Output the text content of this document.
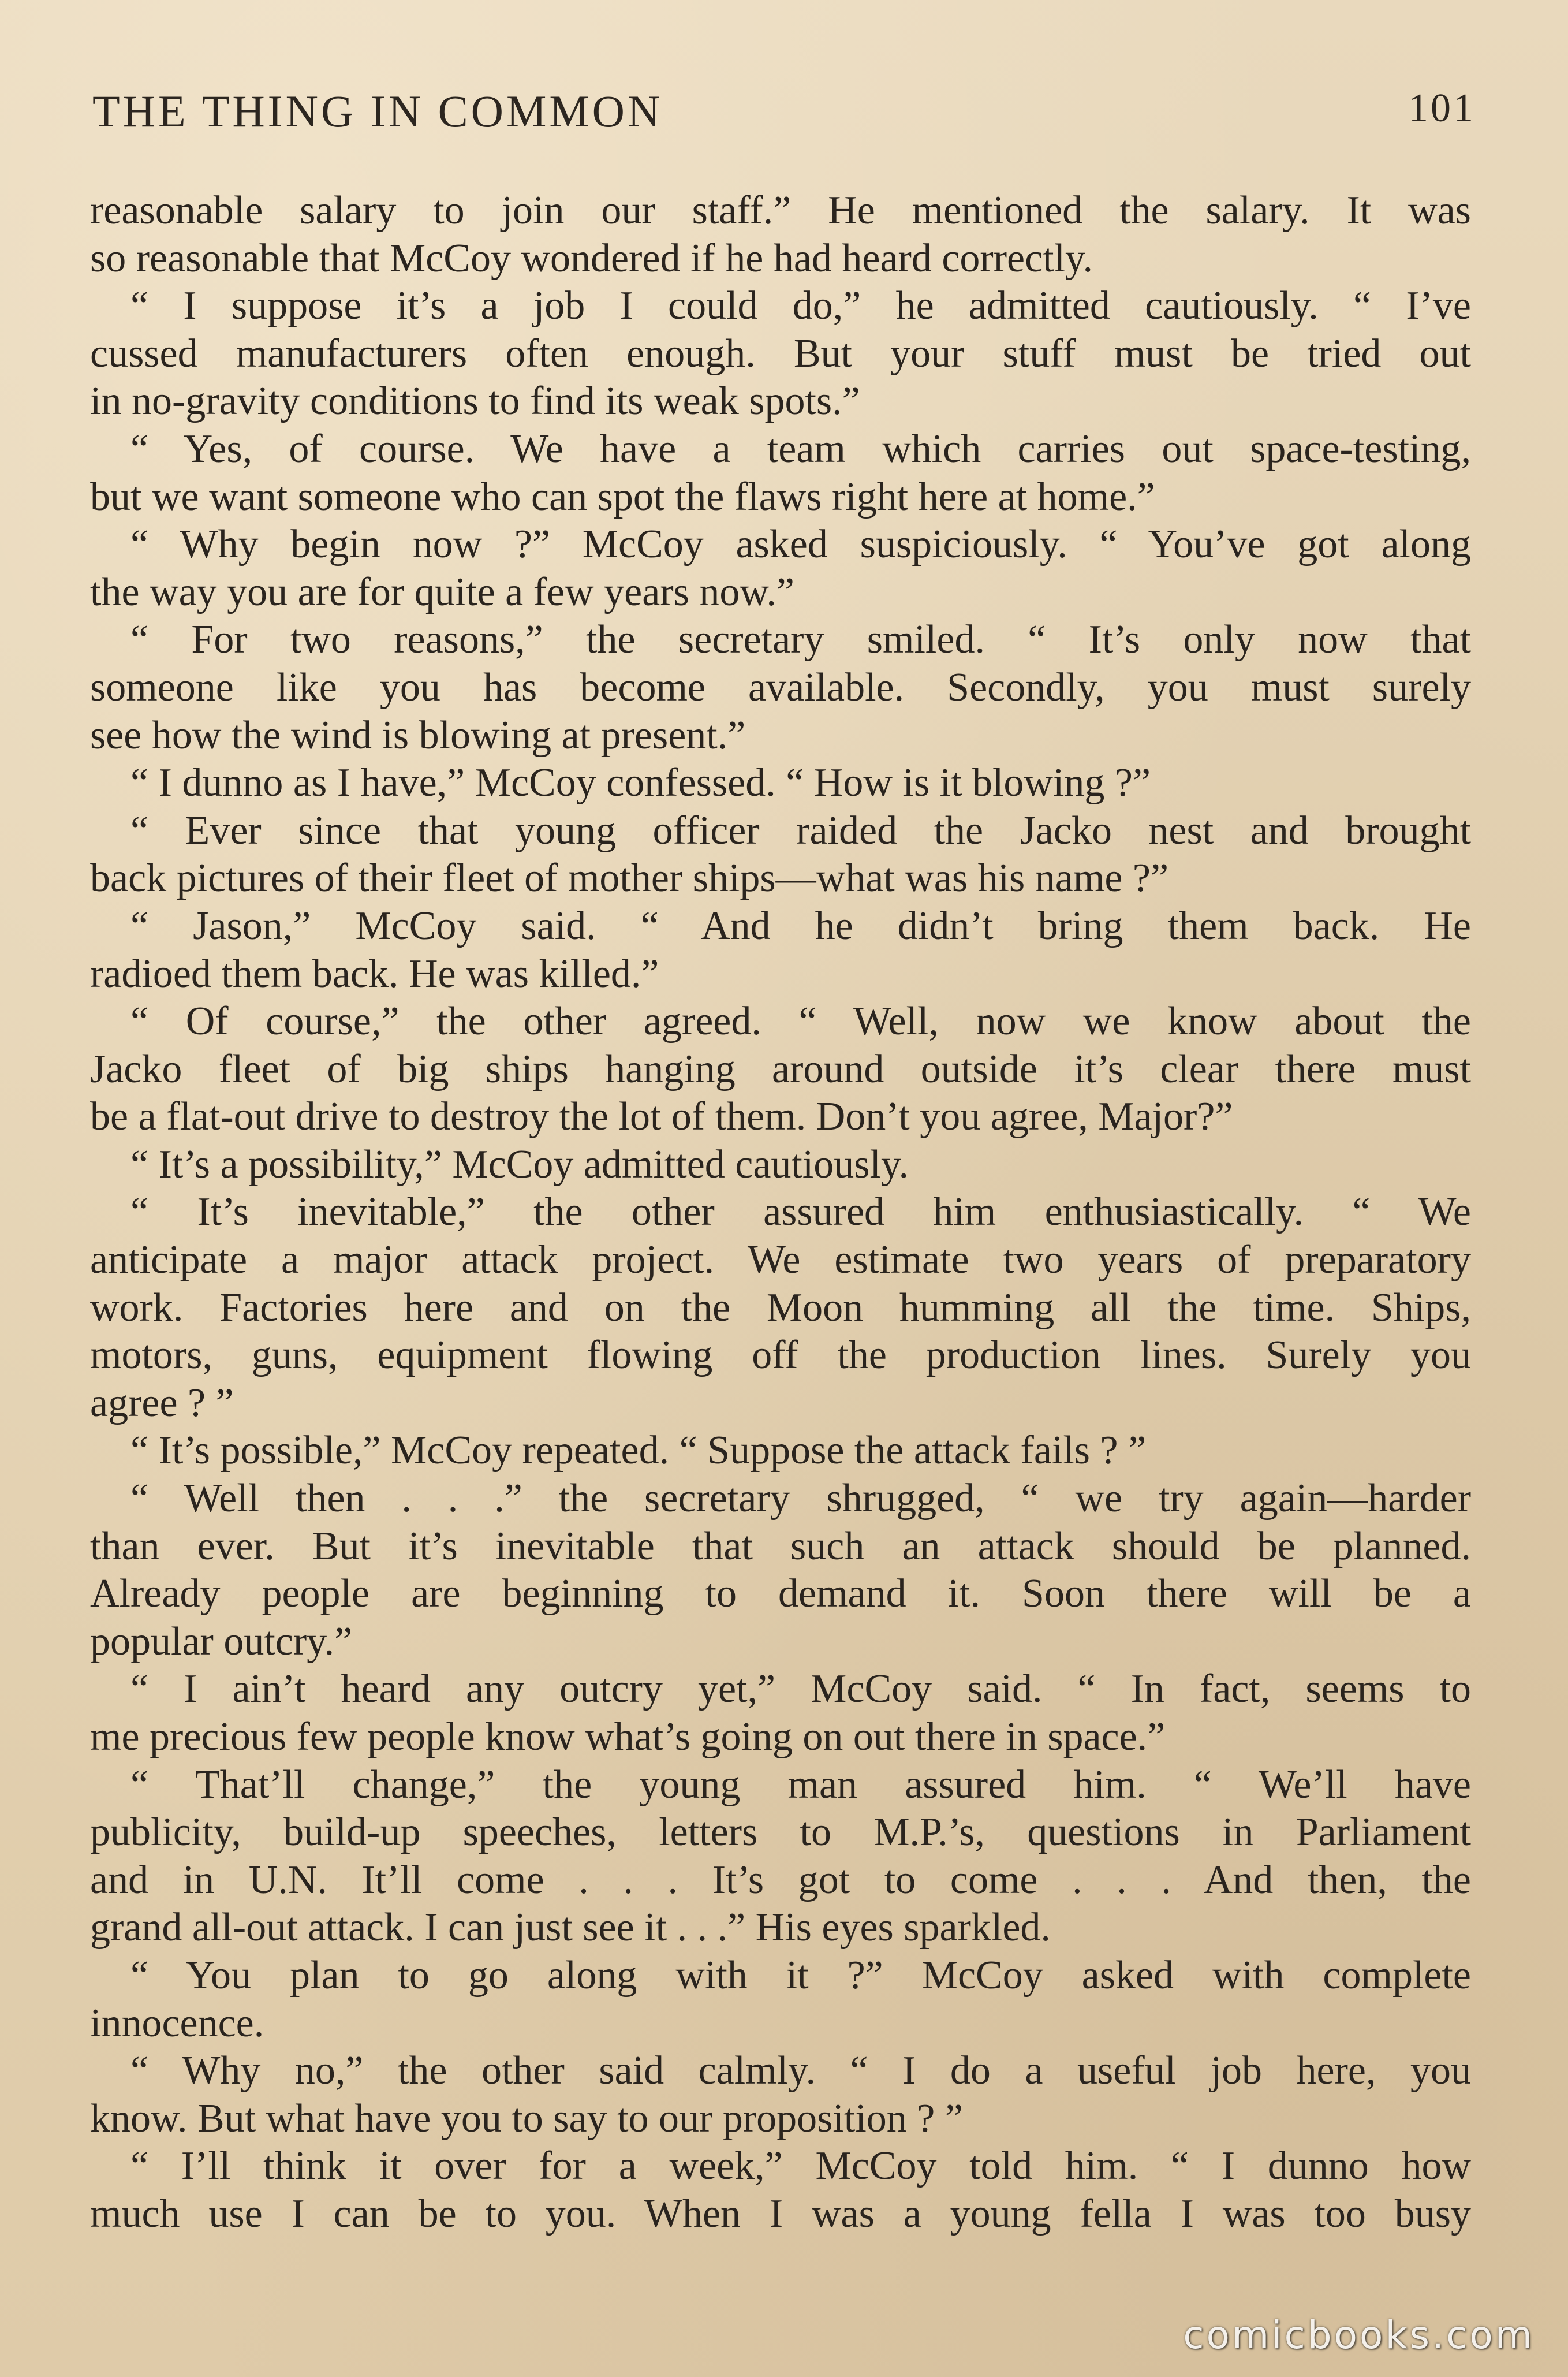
THE THING IN COMMON	101
reasonable salary to join our staff.” He mentioned the salary. It was
so reasonable that McCoy wondered if he had heard correctly.
“ I suppose it’s a job I could do,” he admitted cautiously. “ I’ve
cussed manufacturers often enough. But your stuff must be tried out
in no-gravity conditions to find its weak spots.”
“ Yes, of course. We have a team which carries out space-testing,
but we want someone who can spot the flaws right here at home.”
“ Why begin now ?” McCoy asked suspiciously. “ You’ve got along
the way you are for quite a few years now.”
“ For two reasons,” the secretary smiled. “ It’s only now that
someone like you has become available. Secondly, you must surely
see how the wind is blowing at present.”
“ I dunno as I have,” McCoy confessed. “ How is it blowing ?”
“ Ever since that young officer raided the Jacko nest and brought
back pictures of their fleet of mother ships—what was his name ?”
“ Jason,” McCoy said. “ And he didn’t bring them back. He
radioed them back. He was killed.”
“ Of course,” the other agreed. “ Well, now we know about the
Jacko fleet of big ships hanging around outside it’s clear there must
be a flat-out drive to destroy the lot of them. Don’t you agree, Major?”
“ It’s a possibility,” McCoy admitted cautiously.
“ It’s inevitable,” the other assured him enthusiastically. “ We
anticipate a major attack project. We estimate two years of preparatory
work. Factories here and on the Moon humming all the time. Ships,
motors, guns, equipment flowing off the production lines. Surely you
agree ? ”
“ It’s possible,” McCoy repeated. “ Suppose the attack fails ? ”
“ Well then . . .” the secretary shrugged, “ we try again—harder
than ever. But it’s inevitable that such an attack should be planned.
Already people are beginning to demand it. Soon there will be a
popular outcry.”
“ I ain’t heard any outcry yet,” McCoy said. “ In fact, seems to
me precious few people know what’s going on out there in space.”
“ That’ll change,” the young man assured him. “ We’ll have
publicity, build-up speeches, letters to M.P.’s, questions in Parliament
and in U.N. It’ll come . . . It’s got to come . . . And then, the
grand all-out attack. I can just see it . . .” His eyes sparkled.
“ You plan to go along with it ?” McCoy asked with complete
innocence.
“ Why no,” the other said calmly. “ I do a useful job here, you
know. But what have you to say to our proposition ? ”
“ I’ll think it over for a week,” McCoy told him. “ I dunno how
much use I can be to you. When I was a young fella I was too busy
comicbooks.com
